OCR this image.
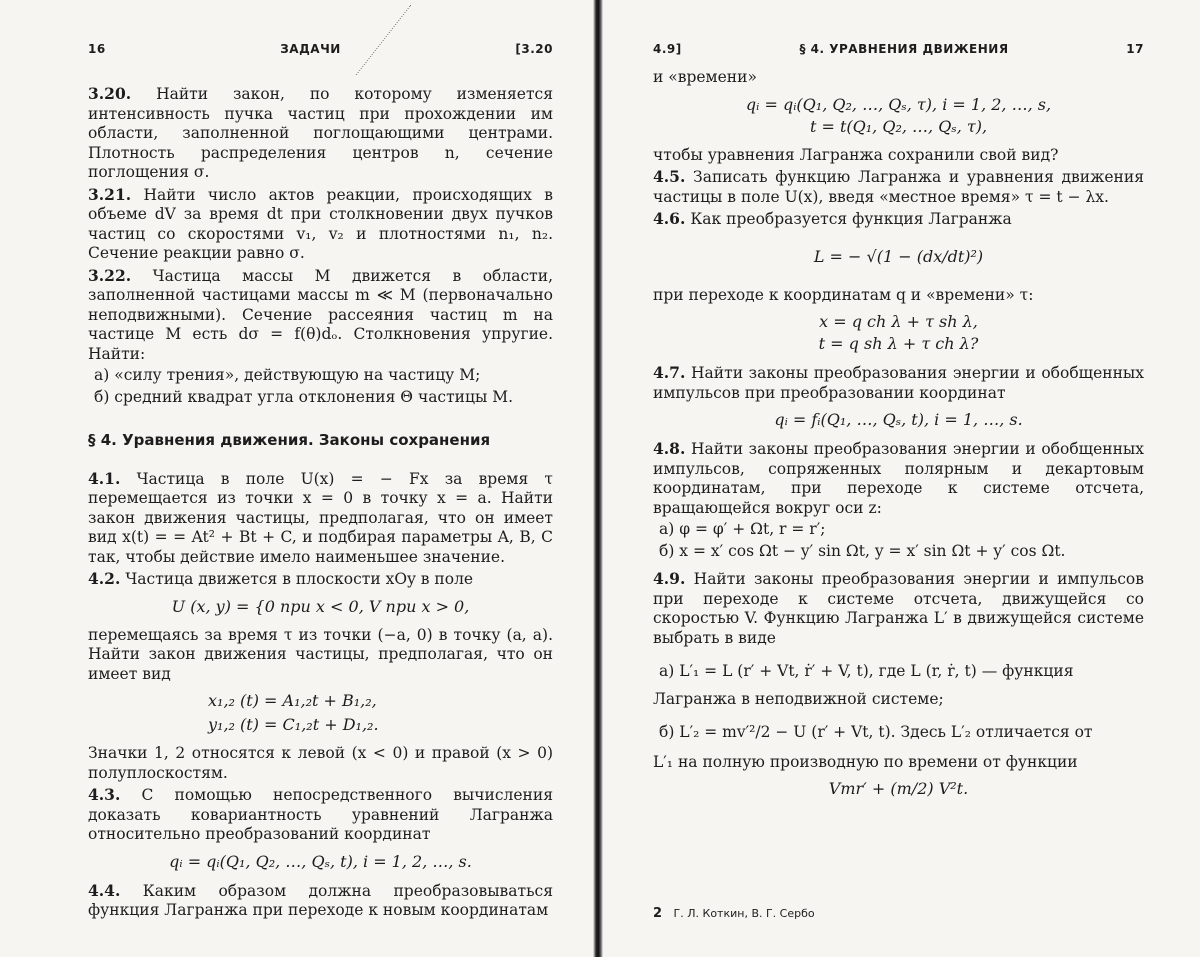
16	ЗАДАЧИ	[3.20

3.20. Найти закон, по которому изменяется интенсивность пучка частиц при прохождении им области, заполненной поглощающими центрами. Плотность распределения центров n, сечение поглощения σ.

3.21. Найти число актов реакции, происходящих в объеме dV за время dt при столкновении двух пучков частиц со скоростями v₁, v₂ и плотностями n₁, n₂. Сечение реакции равно σ.

3.22. Частица массы M движется в области, заполненной частицами массы m ≪ M (первоначально неподвижными). Сечение рассеяния частиц m на частице M есть dσ = f(θ)dₒ. Столкновения упругие. Найти:

а) «силу трения», действующую на частицу M;
б) средний квадрат угла отклонения Θ частицы M.
§ 4. Уравнения движения. Законы сохранения

4.1. Частица в поле U(x) = − Fx за время τ перемещается из точки x = 0 в точку x = a. Найти закон движения частицы, предполагая, что он имеет вид x(t) = = At² + Bt + C, и подбирая параметры A, B, C так, чтобы действие имело наименьшее значение.

4.2. Частица движется в плоскости xOy в поле

U (x, y) = {0 при x < 0, V при x > 0,

перемещаясь за время τ из точки (−a, 0) в точку (a, a). Найти закон движения частицы, предполагая, что он имеет вид

x₁,₂ (t) = A₁,₂t + B₁,₂,
y₁,₂ (t) = C₁,₂t + D₁,₂.

Значки 1, 2 относятся к левой (x < 0) и правой (x > 0) полуплоскостям.

4.3. С помощью непосредственного вычисления доказать ковариантность уравнений Лагранжа относительно преобразований координат

qᵢ = qᵢ(Q₁, Q₂, …, Qₛ, t), i = 1, 2, …, s.

4.4. Каким образом должна преобразовываться функция Лагранжа при переходе к новым координатам

4.9]	§ 4. УРАВНЕНИЯ ДВИЖЕНИЯ	17

и «времени»

qᵢ = qᵢ(Q₁, Q₂, …, Qₛ, τ), i = 1, 2, …, s,
t = t(Q₁, Q₂, …, Qₛ, τ),

чтобы уравнения Лагранжа сохранили свой вид?

4.5. Записать функцию Лагранжа и уравнения движения частицы в поле U(x), введя «местное время» τ = t − λx.

4.6. Как преобразуется функция Лагранжа

L = − √(1 − (dx/dt)²)

при переходе к координатам q и «времени» τ:

x = q ch λ + τ sh λ,
t = q sh λ + τ ch λ?

4.7. Найти законы преобразования энергии и обобщенных импульсов при преобразовании координат

qᵢ = fᵢ(Q₁, …, Qₛ, t), i = 1, …, s.

4.8. Найти законы преобразования энергии и обобщенных импульсов, сопряженных полярным и декартовым координатам, при переходе к системе отсчета, вращающейся вокруг оси z:

а) φ = φ′ + Ωt, r = r′;
б) x = x′ cos Ωt − y′ sin Ωt, y = x′ sin Ωt + y′ cos Ωt.

4.9. Найти законы преобразования энергии и импульсов при переходе к системе отсчета, движущейся со скоростью V. Функцию Лагранжа L′ в движущейся системе выбрать в виде

а) L′₁ = L (r′ + Vt, ṙ′ + V, t), где L (r, ṙ, t) — функция
Лагранжа в неподвижной системе;
б) L′₂ = mv′²/2 − U (r′ + Vt, t). Здесь L′₂ отличается от
L′₁ на полную производную по времени от функции
Vmr′ + (m/2) V²t.
2 Г. Л. Коткин, В. Г. Сербо
